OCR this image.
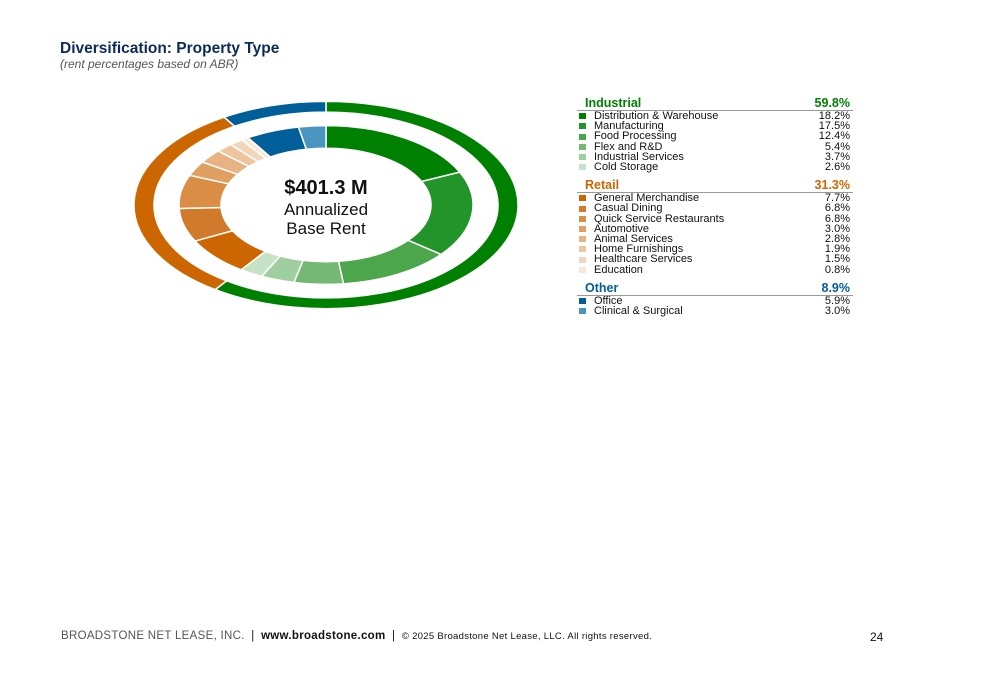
Diversification: Property Type
(rent percentages based on ABR)
$401.3 M
Annualized
Base Rent
Industrial	59.8%
Distribution & Warehouse	18.2%
Manufacturing	17.5%
Food Processing	12.4%
Flex and R&D	5.4%
Industrial Services	3.7%
Cold Storage	2.6%
Retail	31.3%
General Merchandise	7.7%
Casual Dining	6.8%
Quick Service Restaurants	6.8%
Automotive	3.0%
Animal Services	2.8%
Home Furnishings	1.9%
Healthcare Services	1.5%
Education	0.8%
Other	8.9%
Office	5.9%
Clinical & Surgical	3.0%
BROADSTONE NET LEASE, INC. | www.broadstone.com | © 2025 Broadstone Net Lease, LLC. All rights reserved.	24
